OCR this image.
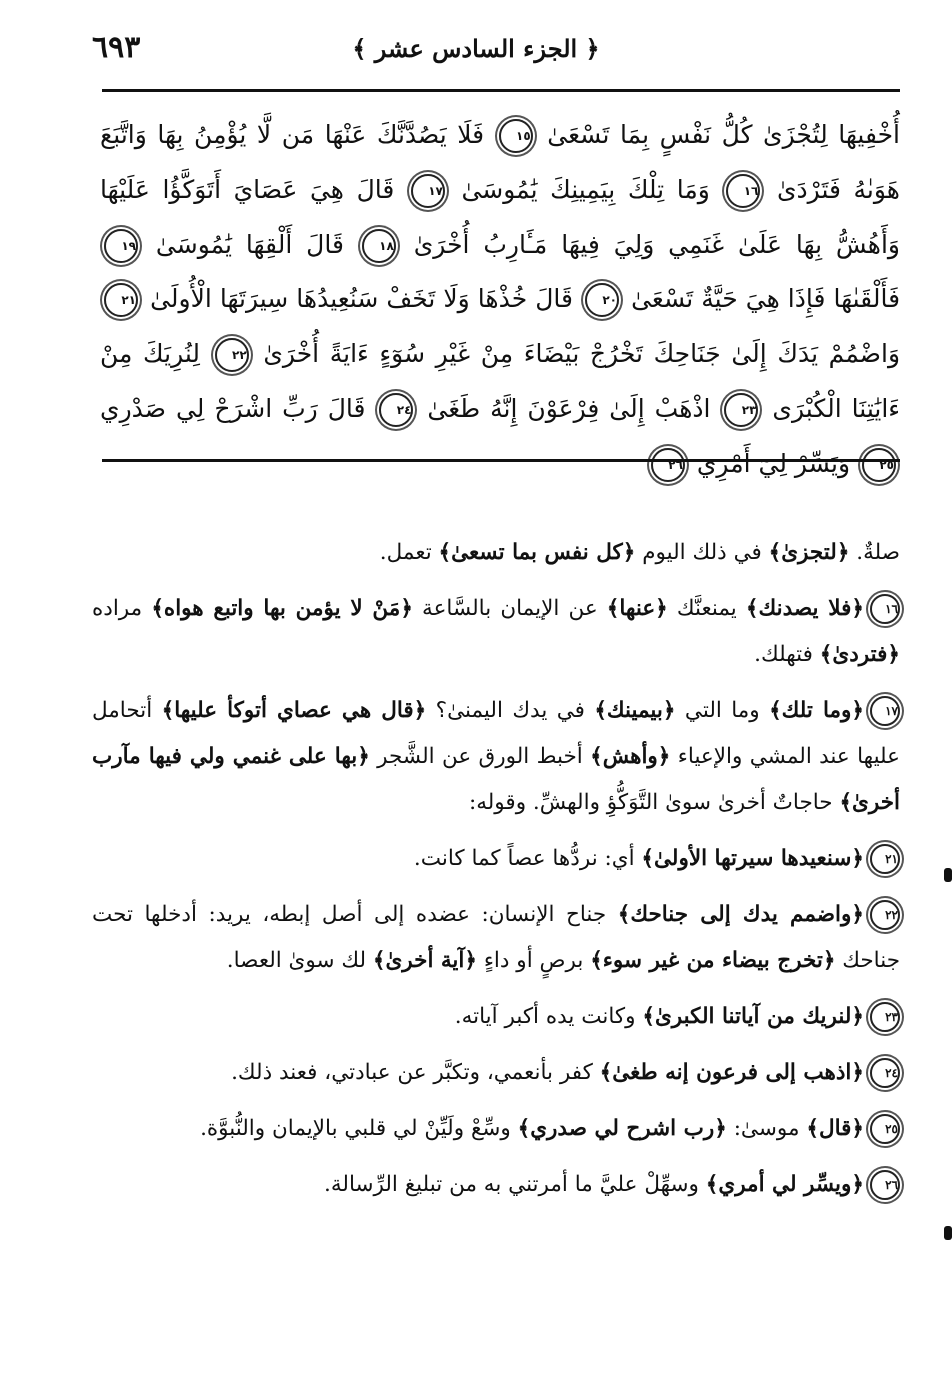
٦٩٣	﴿ الجزء السادس عشر ﴾
أُخْفِيهَا لِتُجْزَىٰ كُلُّ نَفْسٍ بِمَا تَسْعَىٰ ١٥ فَلَا يَصُدَّنَّكَ عَنْهَا مَن لَّا يُؤْمِنُ بِهَا وَاتَّبَعَ هَوَىٰهُ فَتَرْدَىٰ ١٦ وَمَا تِلْكَ بِيَمِينِكَ يَٰمُوسَىٰ ١٧ قَالَ هِيَ عَصَايَ أَتَوَكَّؤُا عَلَيْهَا وَأَهُشُّ بِهَا عَلَىٰ غَنَمِي وَلِيَ فِيهَا مَـَٔارِبُ أُخْرَىٰ ١٨ قَالَ أَلْقِهَا يَٰمُوسَىٰ ١٩ فَأَلْقَىٰهَا فَإِذَا هِيَ حَيَّةٌ تَسْعَىٰ ٢٠ قَالَ خُذْهَا وَلَا تَخَفْ سَنُعِيدُهَا سِيرَتَهَا الْأُولَىٰ ٢١ وَاضْمُمْ يَدَكَ إِلَىٰ جَنَاحِكَ تَخْرُجْ بَيْضَاءَ مِنْ غَيْرِ سُوٓءٍ ءَايَةً أُخْرَىٰ ٢٢ لِنُرِيَكَ مِنْ ءَايَٰتِنَا الْكُبْرَى ٢٣ اذْهَبْ إِلَىٰ فِرْعَوْنَ إِنَّهُ طَغَىٰ ٢٤ قَالَ رَبِّ اشْرَحْ لِي صَدْرِي ٢٥ وَيَسِّرْ لِيٓ أَمْرِي ٢٦

صلةٌ. ﴿لتجزىٰ﴾ في ذلك اليوم ﴿كل نفس بما تسعىٰ﴾ تعمل.

١٦﴿فلا يصدنك﴾ يمنعنَّك ﴿عنها﴾ عن الإيمان بالسَّاعة ﴿مَنْ لا يؤمن بها واتبع هواه﴾ مراده ﴿فتردىٰ﴾ فتهلك.

١٧﴿وما تلك﴾ وما التي ﴿بيمينك﴾ في يدك اليمنىٰ؟ ﴿قال هي عصاي أتوكأ عليها﴾ أتحامل عليها عند المشي والإعياء ﴿وأهش﴾ أخبط الورق عن الشَّجر ﴿بها على غنمي ولي فيها مآرب أخرىٰ﴾ حاجاتٌ أخرىٰ سوىٰ التَّوَكُّؤِ والهشِّ. وقوله:

٢١﴿سنعيدها سيرتها الأولىٰ﴾ أي: نردُّها عصاً كما كانت.

٢٢﴿واضمم يدك إلى جناحك﴾ جناح الإنسان: عضده إلى أصل إبطه، يريد: أدخلها تحت جناحك ﴿تخرج بيضاء من غير سوء﴾ برصٍ أو داءٍ ﴿آية أخرىٰ﴾ لك سوىٰ العصا.

٢٣﴿لنريك من آياتنا الكبرىٰ﴾ وكانت يده أكبر آياته.

٢٤﴿اذهب إلى فرعون إنه طغىٰ﴾ كفر بأنعمي، وتكبَّر عن عبادتي، فعند ذلك.

٢٥﴿قال﴾ موسىٰ: ﴿رب اشرح لي صدري﴾ وسِّعْ ولَيِّنْ لي قلبي بالإيمان والنُّبوَّة.

٢٦﴿ويسِّر لي أمري﴾ وسهِّلْ عليَّ ما أمرتني به من تبليغ الرِّسالة.
